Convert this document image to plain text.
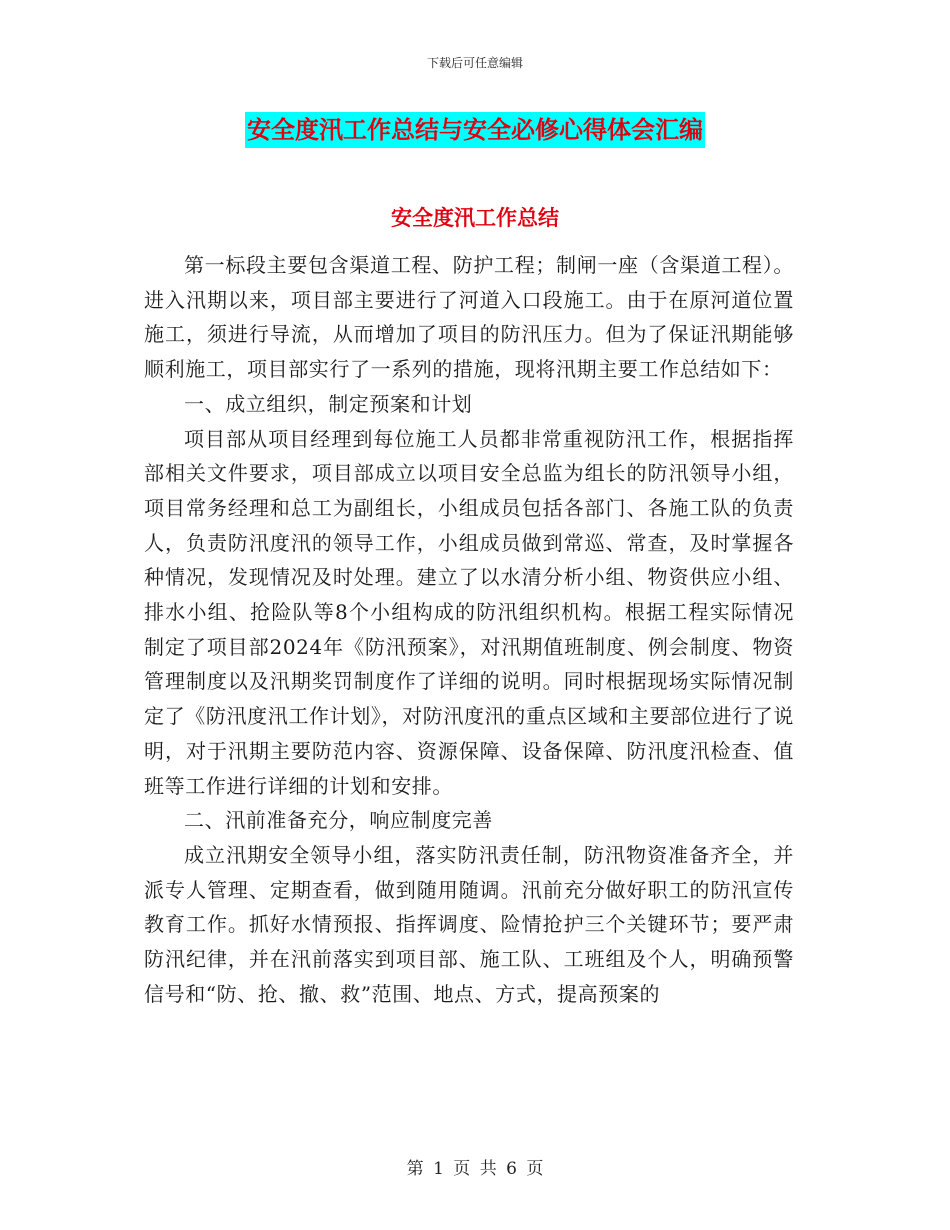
下载后可任意编辑
安全度汛工作总结与安全必修心得体会汇编
安全度汛工作总结

第一标段主要包含渠道工程、防护工程；制闸一座（含渠道工程）。进入汛期以来，项目部主要进行了河道入口段施工。由于在原河道位置施工，须进行导流，从而增加了项目的防汛压力。但为了保证汛期能够顺利施工，项目部实行了一系列的措施，现将汛期主要工作总结如下：

一、成立组织，制定预案和计划

项目部从项目经理到每位施工人员都非常重视防汛工作，根据指挥部相关文件要求，项目部成立以项目安全总监为组长的防汛领导小组，项目常务经理和总工为副组长，小组成员包括各部门、各施工队的负责人，负责防汛度汛的领导工作，小组成员做到常巡、常查，及时掌握各种情况，发现情况及时处理。建立了以水清分析小组、物资供应小组、排水小组、抢险队等8个小组构成的防汛组织机构。根据工程实际情况制定了项目部2024年《防汛预案》，对汛期值班制度、例会制度、物资管理制度以及汛期奖罚制度作了详细的说明。同时根据现场实际情况制定了《防汛度汛工作计划》，对防汛度汛的重点区域和主要部位进行了说明，对于汛期主要防范内容、资源保障、设备保障、防汛度汛检查、值班等工作进行详细的计划和安排。

二、汛前准备充分，响应制度完善

成立汛期安全领导小组，落实防汛责任制，防汛物资准备齐全，并派专人管理、定期查看，做到随用随调。汛前充分做好职工的防汛宣传教育工作。抓好水情预报、指挥调度、险情抢护三个关键环节；要严肃防汛纪律，并在汛前落实到项目部、施工队、工班组及个人，明确预警信号和“防、抢、撤、救”范围、地点、方式，提高预案的

第 1 页 共 6 页
